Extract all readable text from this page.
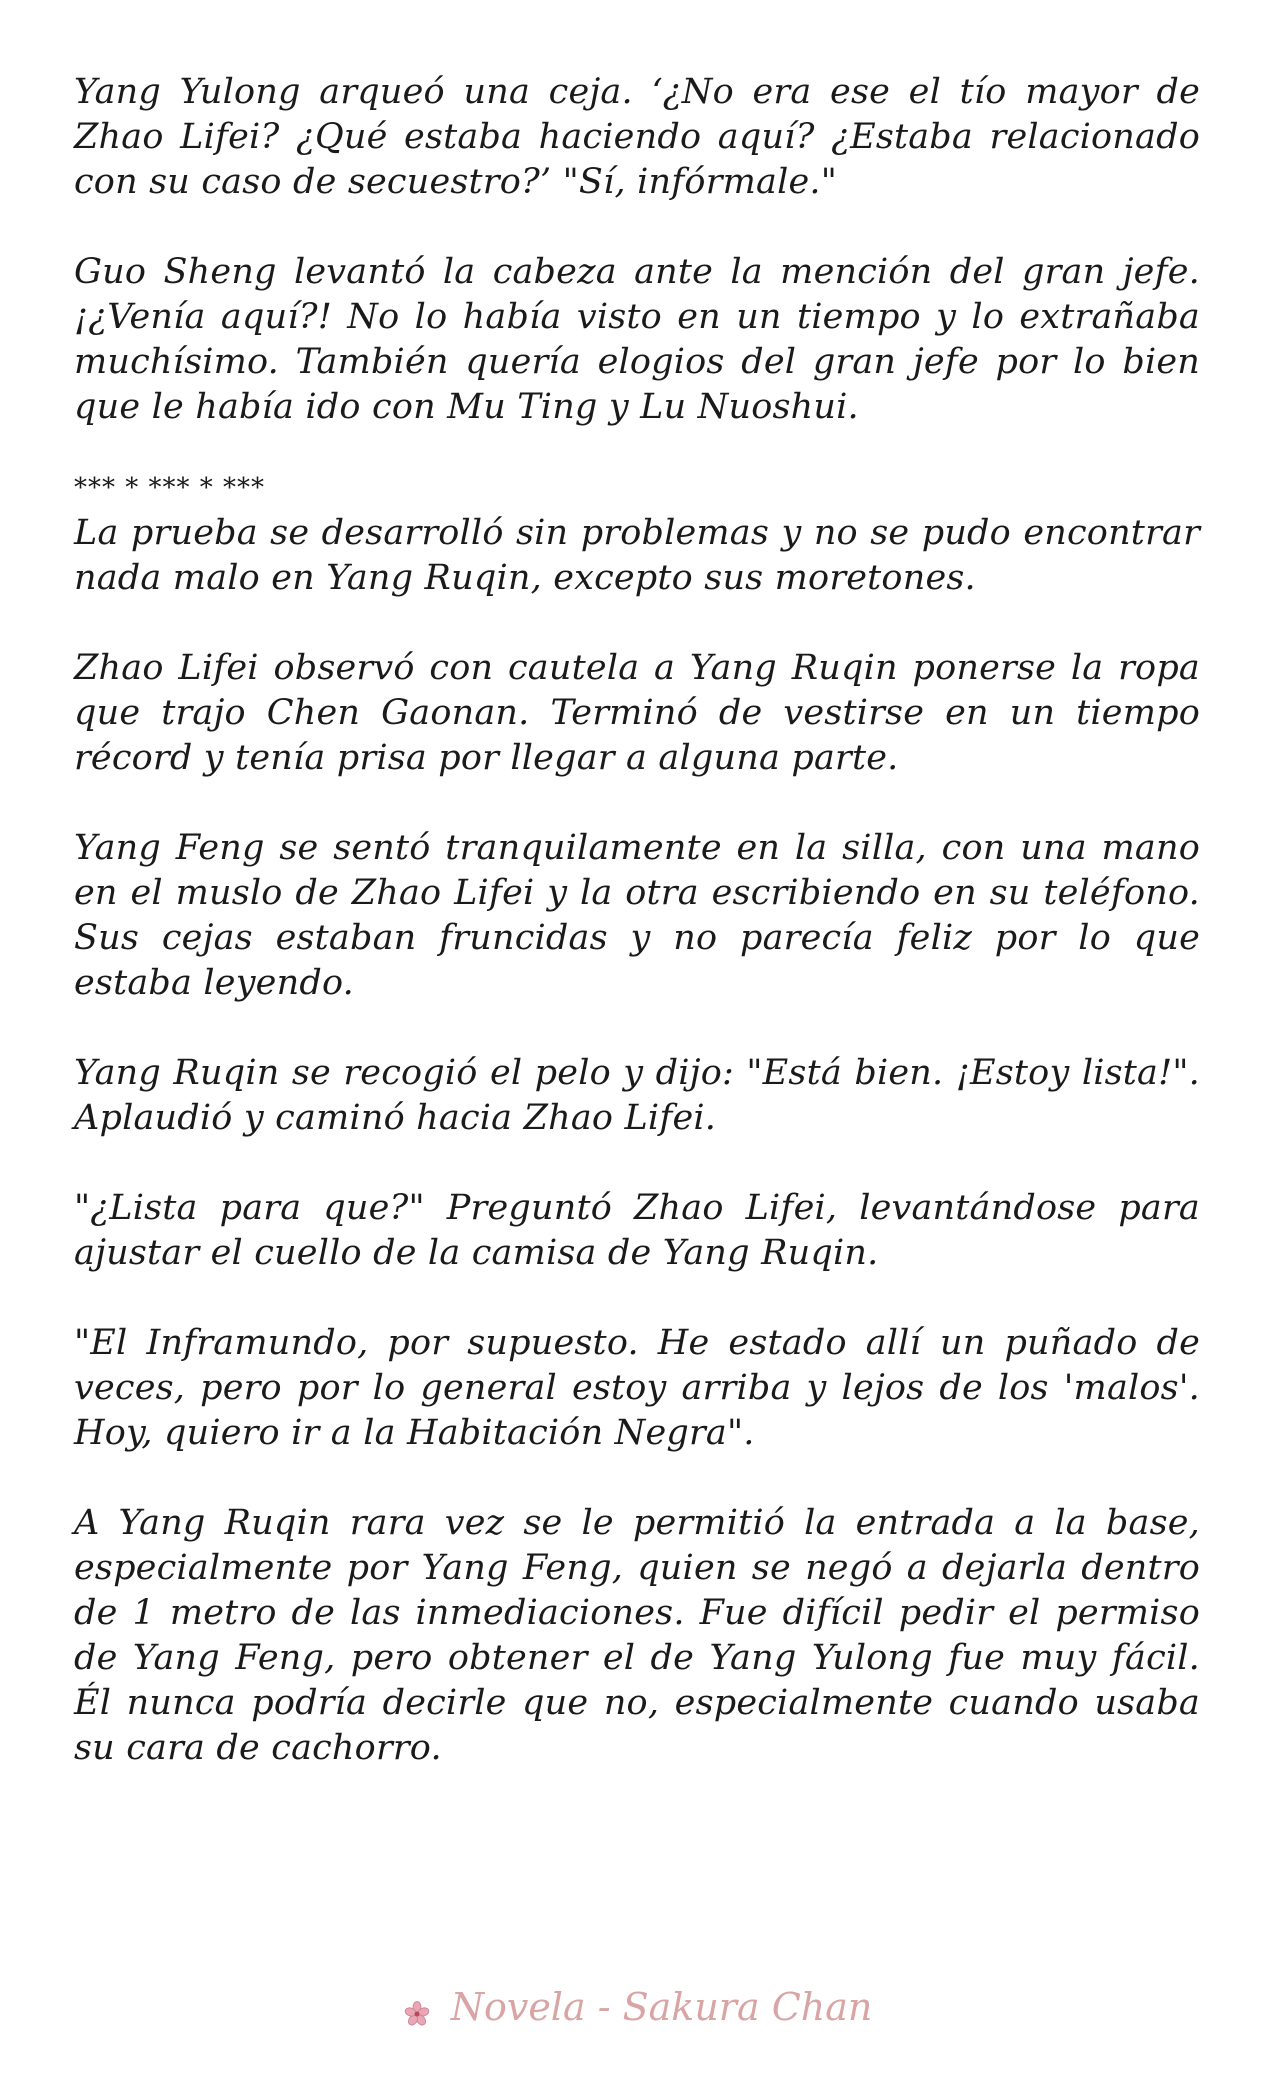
Yang Yulong arqueó una ceja. ‘¿No era ese el tío mayor de Zhao Lifei? ¿Qué estaba haciendo aquí? ¿Estaba relacionado con su caso de secuestro?’ "Sí, infórmale."

Guo Sheng levantó la cabeza ante la mención del gran jefe. ¡¿Venía aquí?! No lo había visto en un tiempo y lo extrañaba muchísimo. También quería elogios del gran jefe por lo bien que le había ido con Mu Ting y Lu Nuoshui.

*** * *** * ***

La prueba se desarrolló sin problemas y no se pudo encontrar nada malo en Yang Ruqin, excepto sus moretones.

Zhao Lifei observó con cautela a Yang Ruqin ponerse la ropa que trajo Chen Gaonan. Terminó de vestirse en un tiempo récord y tenía prisa por llegar a alguna parte.

Yang Feng se sentó tranquilamente en la silla, con una mano en el muslo de Zhao Lifei y la otra escribiendo en su teléfono. Sus cejas estaban fruncidas y no parecía feliz por lo que estaba leyendo.

Yang Ruqin se recogió el pelo y dijo: "Está bien. ¡Estoy lista!". Aplaudió y caminó hacia Zhao Lifei.

"¿Lista para que?" Preguntó Zhao Lifei, levantándose para ajustar el cuello de la camisa de Yang Ruqin.

"El Inframundo, por supuesto. He estado allí un puñado de veces, pero por lo general estoy arriba y lejos de los 'malos'. Hoy, quiero ir a la Habitación Negra".

A Yang Ruqin rara vez se le permitió la entrada a la base, especialmente por Yang Feng, quien se negó a dejarla dentro de 1 metro de las inmediaciones. Fue difícil pedir el permiso de Yang Feng, pero obtener el de Yang Yulong fue muy fácil. Él nunca podría decirle que no, especialmente cuando usaba su cara de cachorro.

Novela - Sakura Chan
